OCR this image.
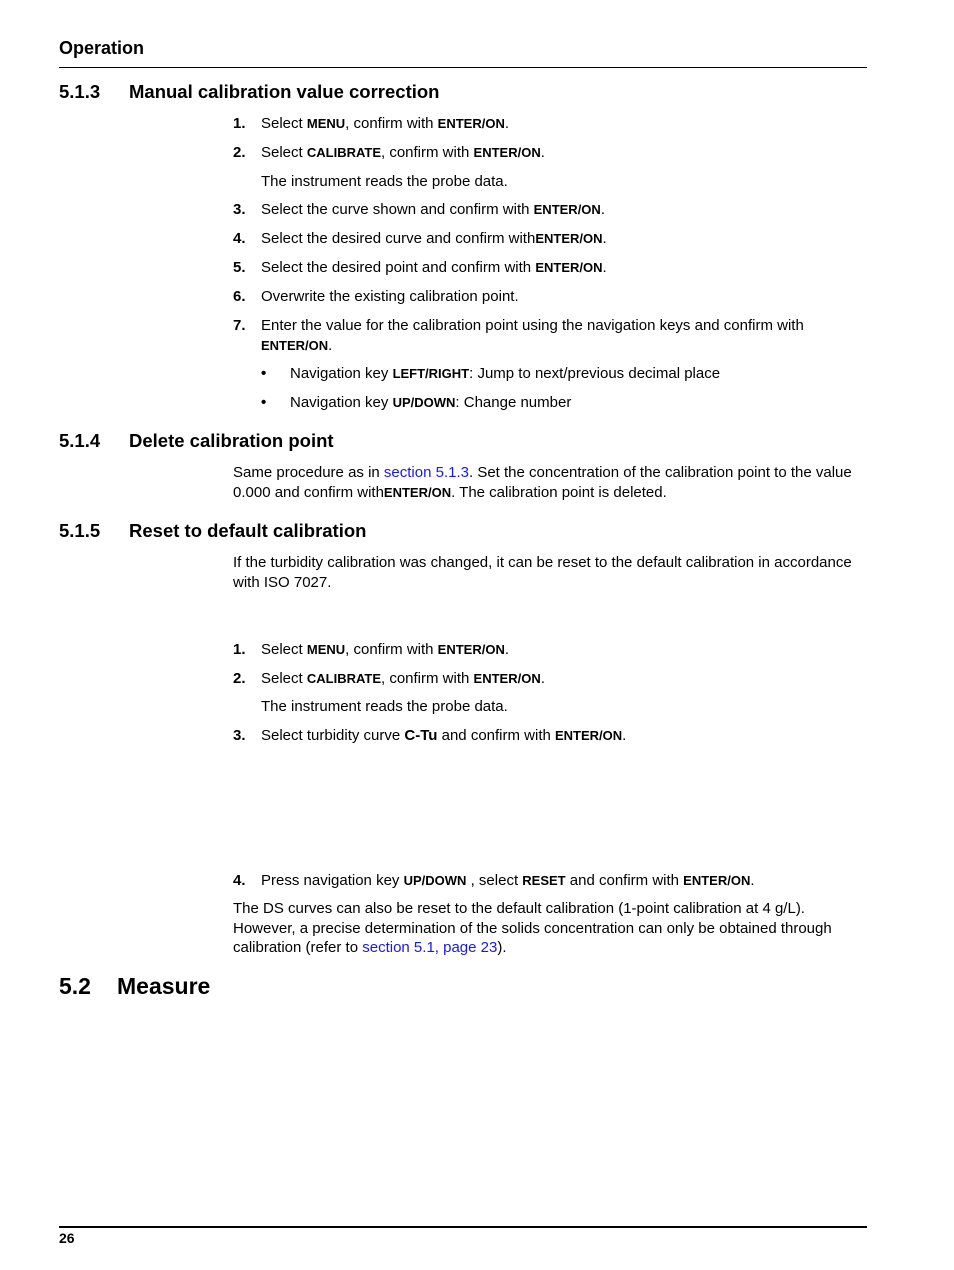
Operation
5.1.3 Manual calibration value correction
1. Select MENU, confirm with ENTER/ON.
2. Select CALIBRATE, confirm with ENTER/ON.
The instrument reads the probe data.
3. Select the curve shown and confirm with ENTER/ON.
4. Select the desired curve and confirm withENTER/ON.
5. Select the desired point and confirm with ENTER/ON.
6. Overwrite the existing calibration point.
7. Enter the value for the calibration point using the navigation keys and confirm with ENTER/ON.
• Navigation key LEFT/RIGHT: Jump to next/previous decimal place
• Navigation key UP/DOWN: Change number
5.1.4 Delete calibration point
Same procedure as in section 5.1.3. Set the concentration of the calibration point to the value 0.000 and confirm withENTER/ON. The calibration point is deleted.
5.1.5 Reset to default calibration
If the turbidity calibration was changed, it can be reset to the default calibration in accordance with ISO 7027.
1. Select MENU, confirm with ENTER/ON.
2. Select CALIBRATE, confirm with ENTER/ON.
The instrument reads the probe data.
3. Select turbidity curve C-Tu and confirm with ENTER/ON.
4. Press navigation key UP/DOWN , select RESET and confirm with ENTER/ON.
The DS curves can also be reset to the default calibration (1-point calibration at 4 g/L). However, a precise determination of the solids concentration can only be obtained through calibration (refer to section 5.1, page 23).
5.2 Measure
26
